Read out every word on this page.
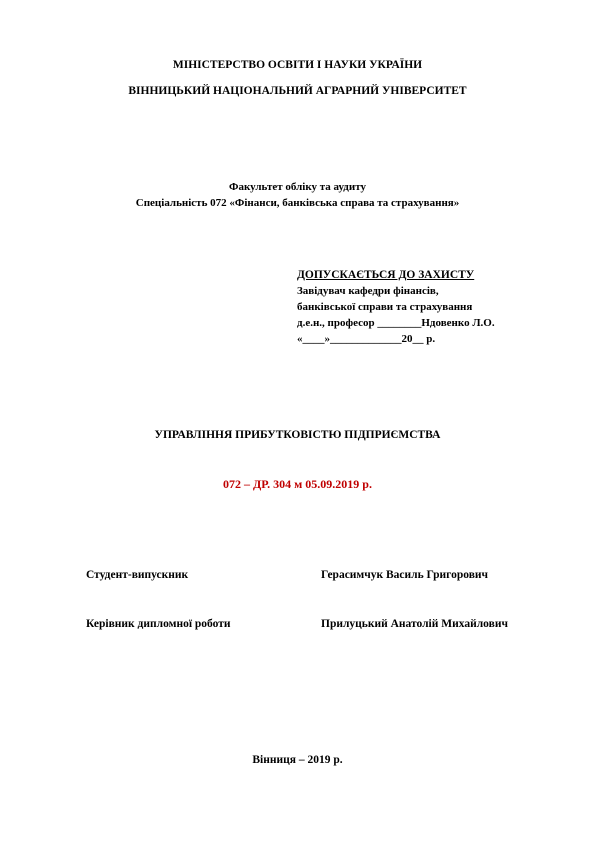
МІНІСТЕРСТВО ОСВІТИ І НАУКИ УКРАЇНИ
ВІННИЦЬКИЙ НАЦІОНАЛЬНИЙ АГРАРНИЙ УНІВЕРСИТЕТ
Факультет обліку та аудиту
Спеціальність 072 «Фінанси, банківська справа та страхування»
ДОПУСКАЄТЬСЯ ДО ЗАХИСТУ
Завідувач кафедри фінансів,
банківської справи та страхування
д.е.н., професор ________Ндовенко Л.О.
«____»_____________20__ р.
УПРАВЛІННЯ ПРИБУТКОВІСТЮ ПІДПРИЄМСТВА
072 – ДР. 304 м 05.09.2019 р.
Студент-випускник	Герасимчук Василь Григорович
Керівник дипломної роботи	Прилуцький Анатолій Михайлович
Вінниця – 2019 р.
